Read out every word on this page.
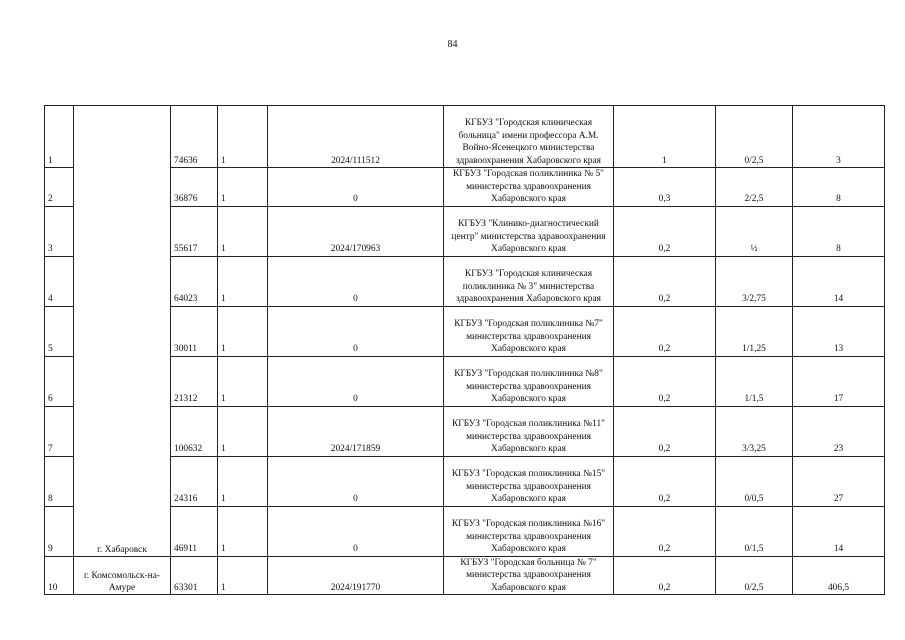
84
1	г. Хабаровск	74636	1	2024/111512	КГБУЗ "Городская клиническая больница" имени профессора А.М. Войно-Ясенецкого министерства здравоохранения Хабаровского края	1	0/2,5	3
2		36876	1	0	КГБУЗ "Городская поликлиника № 5" министерства здравоохранения Хабаровского края	0,3	2/2,5	8
3		55617	1	2024/170963	КГБУЗ "Клинико-диагностический центр" министерства здравоохранения Хабаровского края	0,2	½	8
4		64023	1	0	КГБУЗ "Городская клиническая поликлиника № 3" министерства здравоохранения Хабаровского края	0,2	3/2,75	14
5		30011	1	0	КГБУЗ "Городская поликлиника №7" министерства здравоохранения Хабаровского края	0,2	1/1,25	13
6		21312	1	0	КГБУЗ "Городская поликлиника №8" министерства здравоохранения Хабаровского края	0,2	1/1,5	17
7		100632	1	2024/171859	КГБУЗ "Городская поликлиника №11" министерства здравоохранения Хабаровского края	0,2	3/3,25	23
8		24316	1	0	КГБУЗ "Городская поликлиника №15" министерства здравоохранения Хабаровского края	0,2	0/0,5	27
9		46911	1	0	КГБУЗ "Городская поликлиника №16" министерства здравоохранения Хабаровского края	0,2	0/1,5	14
10	г. Комсомольск-на-Амуре	63301	1	2024/191770	КГБУЗ "Городская больница № 7" министерства здравоохранения Хабаровского края	0,2	0/2,5	406,5
